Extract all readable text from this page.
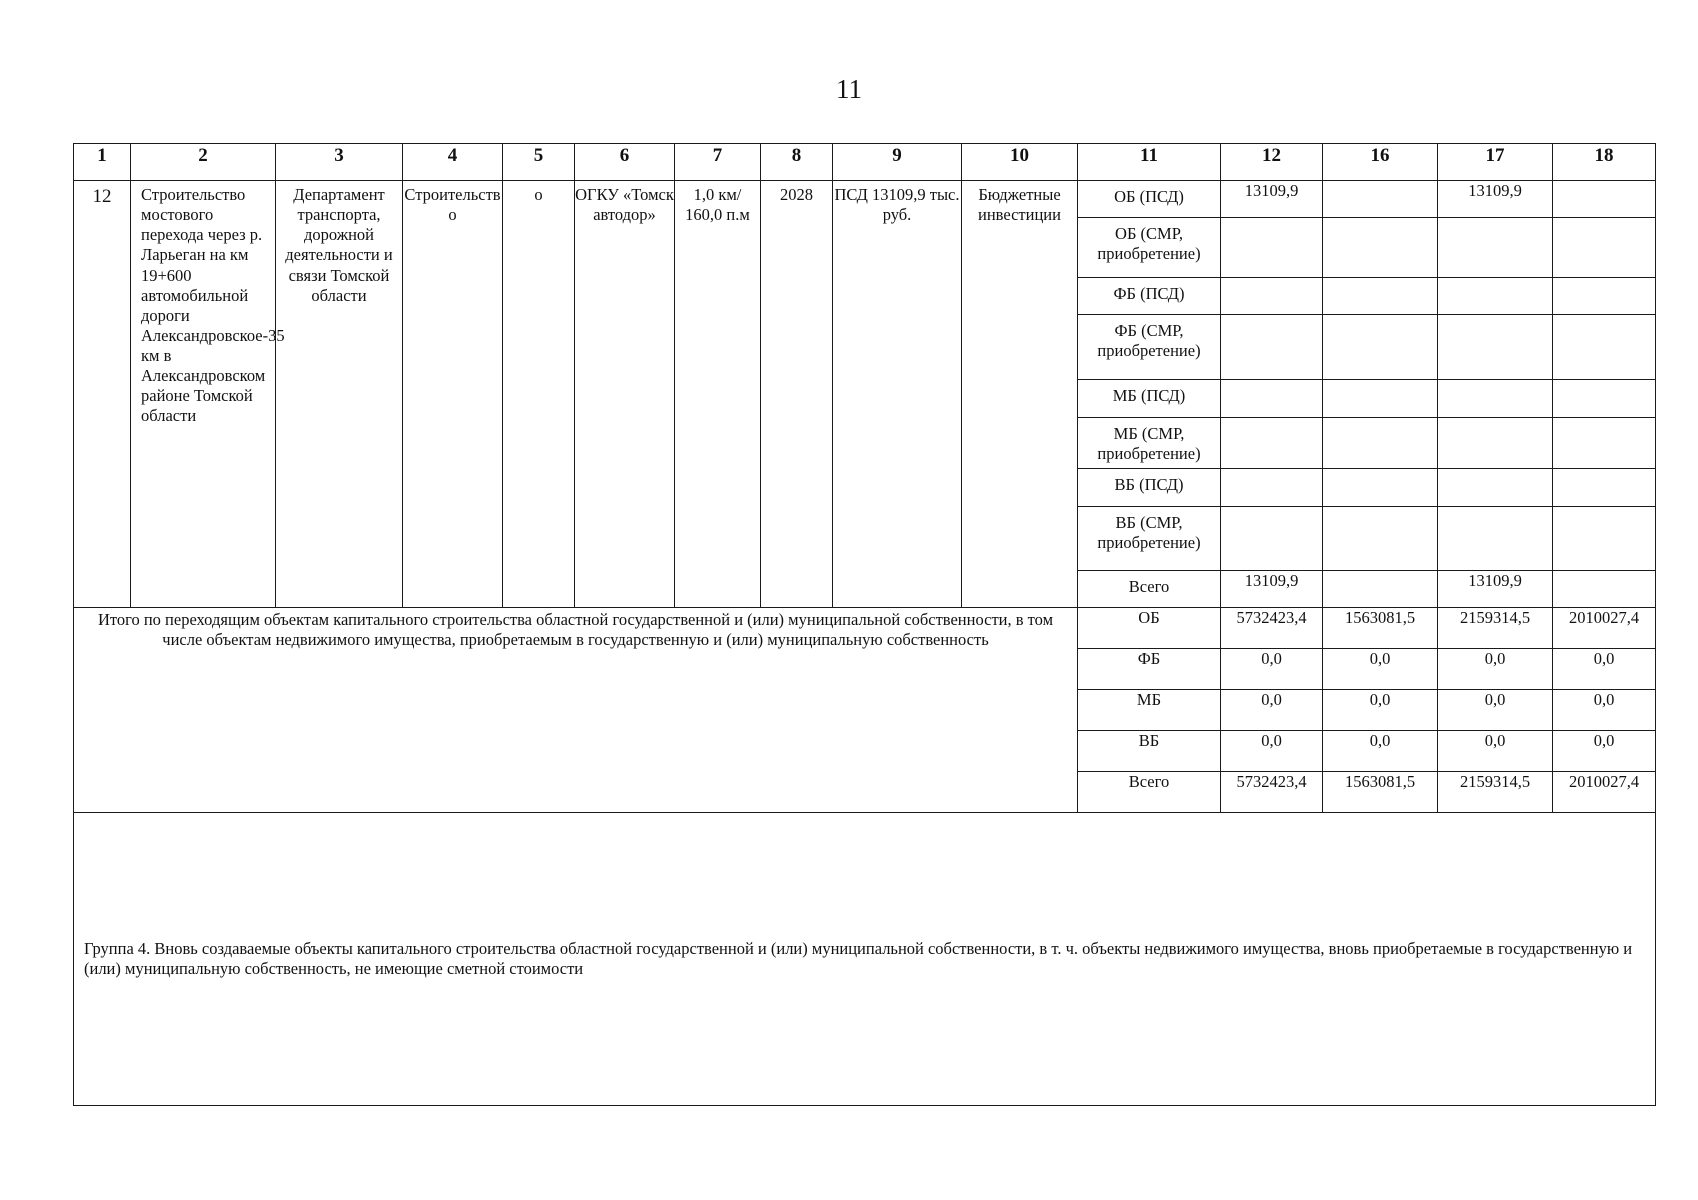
11
1	2	3	4	5	6	7	8	9	10	11	12	16	17	18
12	Строительство мостового перехода через р. Ларьеган на км 19+600 автомобильной дороги Александровское-35 км в Александровском районе Томской области	Департамент транспорта, дорожной деятельности и связи Томской области	Строительство	о	ОГКУ «Томскавтодор»	1,0 км/ 160,0 п.м	2028	ПСД 13109,9 тыс. руб.	Бюджетные инвестиции	ОБ (ПСД)	13109,9		13109,9	
										ОБ (СМР, приобретение)				
										ФБ (ПСД)				
										ФБ (СМР, приобретение)				
										МБ (ПСД)				
										МБ (СМР, приобретение)				
										ВБ (ПСД)				
										ВБ (СМР, приобретение)				
										Всего	13109,9		13109,9	
Итого по переходящим объектам капитального строительства областной государственной и (или) муниципальной собственности, в том числе объектам недвижимого имущества, приобретаемым в государственную и (или) муниципальную собственность										ОБ	5732423,4	1563081,5	2159314,5	2010027,4
										ФБ	0,0	0,0	0,0	0,0
										МБ	0,0	0,0	0,0	0,0
										ВБ	0,0	0,0	0,0	0,0
										Всего	5732423,4	1563081,5	2159314,5	2010027,4
Группа 4. Вновь создаваемые объекты капитального строительства областной государственной и (или) муниципальной собственности, в т. ч. объекты недвижимого имущества, вновь приобретаемые в государственную и (или) муниципальную собственность, не имеющие сметной стоимости														
